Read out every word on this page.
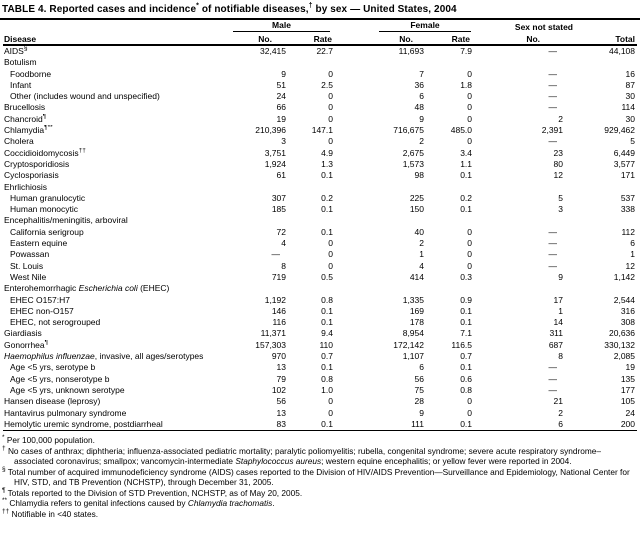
TABLE 4. Reported cases and incidence* of notifiable diseases,† by sex — United States, 2004

	Male		Female		Sex not stated	

Disease	No.	Rate	No.	Rate	No.	Total
AIDS§	32,415	22.7	11,693	7.9	—	44,108
Botulism						
Foodborne	9	0	7	0	—	16
Infant	51	2.5	36	1.8	—	87
Other (includes wound and unspecified)	24	0	6	0	—	30
Brucellosis	66	0	48	0	—	114
Chancroid¶	19	0	9	0	2	30
Chlamydia¶**	210,396	147.1	716,675	485.0	2,391	929,462
Cholera	3	0	2	0	—	5
Coccidioidomycosis††	3,751	4.9	2,675	3.4	23	6,449
Cryptosporidiosis	1,924	1.3	1,573	1.1	80	3,577
Cyclosporiasis	61	0.1	98	0.1	12	171
Ehrlichiosis						
Human granulocytic	307	0.2	225	0.2	5	537
Human monocytic	185	0.1	150	0.1	3	338
Encephalitis/meningitis, arboviral						
California serigroup	72	0.1	40	0	—	112
Eastern equine	4	0	2	0	—	6
Powassan	—	0	1	0	—	1
St. Louis	8	0	4	0	—	12
West Nile	719	0.5	414	0.3	9	1,142
Enterohemorrhagic Escherichia coli (EHEC)						
EHEC O157:H7	1,192	0.8	1,335	0.9	17	2,544
EHEC non-O157	146	0.1	169	0.1	1	316
EHEC, not serogrouped	116	0.1	178	0.1	14	308
Giardiasis	11,371	9.4	8,954	7.1	311	20,636
Gonorrhea¶	157,303	110	172,142	116.5	687	330,132
Haemophilus influenzae, invasive, all ages/serotypes	970	0.7	1,107	0.7	8	2,085
Age <5 yrs, serotype b	13	0.1	6	0.1	—	19
Age <5 yrs, nonserotype b	79	0.8	56	0.6	—	135
Age <5 yrs, unknown serotype	102	1.0	75	0.8	—	177
Hansen disease (leprosy)	56	0	28	0	21	105
Hantavirus pulmonary syndrome	13	0	9	0	2	24
Hemolytic uremic syndrome, postdiarrheal	83	0.1	111	0.1	6	200
* Per 100,000 population.
† No cases of anthrax; diphtheria; influenza-associated pediatric mortality; paralytic poliomyelitis; rubella, congenital syndrome; severe acute respiratory syndrome–associated coronavirus; smallpox; vancomycin-intermediate Staphylococcus aureus; western equine encephalitis; or yellow fever were reported in 2004.
§ Total number of acquired immunodeficiency syndrome (AIDS) cases reported to the Division of HIV/AIDS Prevention—Surveillance and Epidemiology, National Center for HIV, STD, and TB Prevention (NCHSTP), through December 31, 2005.
¶ Totals reported to the Division of STD Prevention, NCHSTP, as of May 20, 2005.
** Chlamydia refers to genital infections caused by Chlamydia trachomatis.
†† Notifiable in <40 states.
